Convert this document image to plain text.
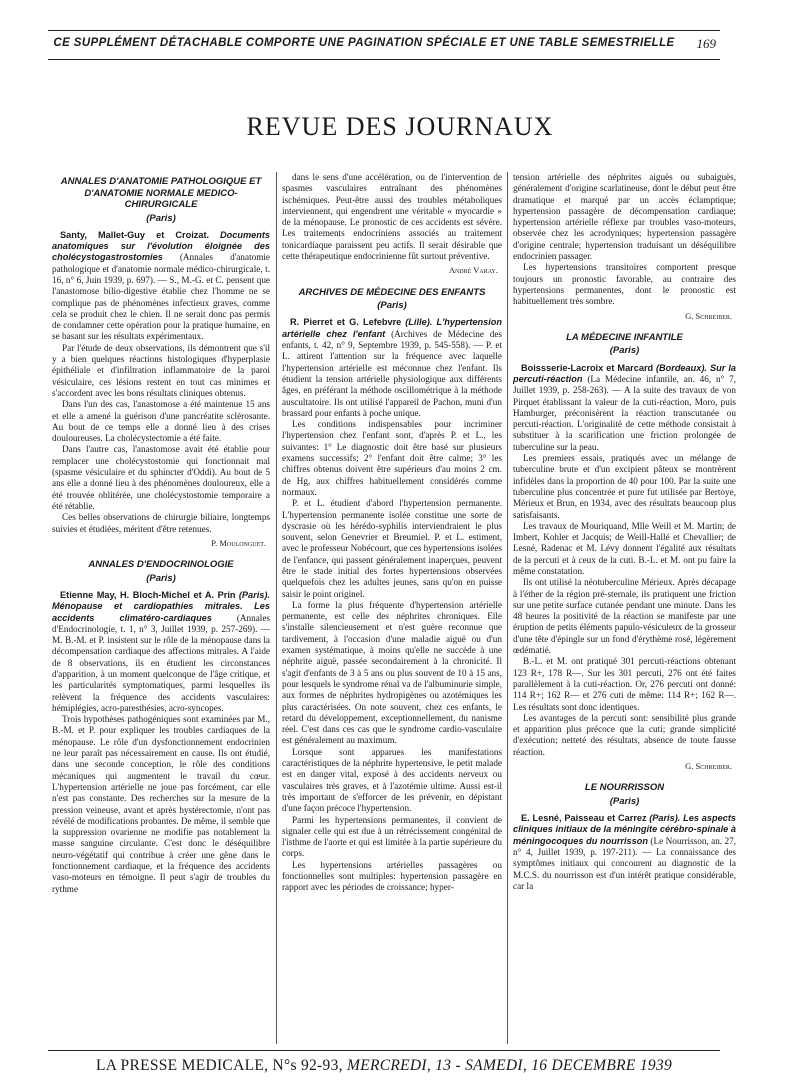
CE SUPPLÉMENT DÉTACHABLE COMPORTE UNE PAGINATION SPÉCIALE ET UNE TABLE SEMESTRIELLE	169
REVUE DES JOURNAUX
ANNALES D'ANATOMIE PATHOLOGIQUE ET D'ANATOMIE NORMALE MEDICO-CHIRURGICALE
(Paris)

Santy, Mallet-Guy et Croizat. Documents anatomiques sur l'évolution éloignée des cholécystogastrostomies (Annales d'anatomie pathologique et d'anatomie normale médico-chirurgicale, t. 16, n° 6, Juin 1939, p. 697). — S., M.-G. et C. pensent que l'anastomose bilio-digestive établie chez l'homme ne se complique pas de phénomènes infectieux graves, comme cela se produit chez le chien. Il ne serait donc pas permis de condamner cette opération pour la pratique humaine, en se basant sur les résultats expérimentaux.

Par l'étude de deux observations, ils démontrent que s'il y a bien quelques réactions histologiques d'hyperplasie épithéliale et d'infiltration inflammatoire de la paroi vésiculaire, ces lésions restent en tout cas minimes et s'accordent avec les bons résultats cliniques obtenus.

Dans l'un des cas, l'anastomose a été maintenue 15 ans et elle a amené la guérison d'une pancréatite sclérosante. Au bout de ce temps elle a donné lieu à des crises douloureuses. La cholécystectomie a été faite.

Dans l'autre cas, l'anastomose avait été établie pour remplacer une cholécystostomie qui fonctionnait mal (spasme vésiculaire et du sphincter d'Oddi). Au bout de 5 ans elle a donné lieu à des phénomènes douloureux, elle a été trouvée oblitérée, une cholécystostomie temporaire a été rétablie.

Ces belles observations de chirurgie biliaire, longtemps suivies et étudiées, méritent d'être retenues.

P. Moulonguet.
ANNALES D'ENDOCRINOLOGIE
(Paris)

Etienne May, H. Bloch-Michel et A. Prin (Paris). Ménopause et cardiopathies mitrales. Les accidents climatéro-cardiaques	(Annales d'Endocrinologie, t. 1, n° 3, Juillet 1939, p. 257-269). — M. B.-M. et P. insistent sur le rôle de la ménopause dans la décompensation cardiaque des affections mitrales. A l'aide de 8 observations, ils en étudient les circonstances d'apparition, à un moment quelconque de l'âge critique, et les particularités symptomatiques, parmi lesquelles ils relèvent la fréquence des accidents vasculaires: hémiplégies, acro-paresthésies, acro-syncopes.

Trois hypothèses pathogéniques sont examinées par M., B.-M. et P. pour expliquer les troubles cardiaques de la ménopause. Le rôle d'un dysfonctionnement endocrinien ne leur paraît pas nécessairement en cause. Ils ont étudié, dans une seconde conception, le rôle des conditions mécaniques qui augmentent le travail du cœur. L'hypertension artérielle ne joue pas forcément, car elle n'est pas constante. Des recherches sur la mesure de la pression veineuse, avant et après hystérectomie, n'ont pas révélé de modifications probantes. De même, il semble que la suppression ovarienne ne modifie pas notablement la masse sanguine circulante. C'est donc le déséquilibre neuro-végétatif qui contribue à créer une gêne dans le fonctionnement cardiaque, et la fréquence des accidents vaso-moteurs en témoigne. Il peut s'agir de troubles du rythme

dans le sens d'une accélération, ou de l'intervention de spasmes vasculaires entraînant des phénomènes ischémiques. Peut-être aussi des troubles métaboliques interviennent, qui engendrent une véritable « myocardie » de la ménopause. Le pronostic de ces accidents est sévère. Les traitements endocriniens associés au traitement tonicardiaque paraissent peu actifs. Il serait désirable que cette thérapeutique endocrinienne fût surtout préventive.

André Varay.
ARCHIVES DE MÉDECINE DES ENFANTS
(Paris)

R. Pierret et G. Lefebvre (Lille). L'hypertension artérielle chez l'enfant (Archives de Médecine des enfants, t. 42, n° 9, Septembre 1939, p. 545-558). — P. et L. attirent l'attention sur la fréquence avec laquelle l'hypertension artérielle est méconnue chez l'enfant. Ils étudient la tension artérielle physiologique aux différents âges, en préférant la méthode oscillométrique à la méthode auscultatoire. Ils ont utilisé l'appareil de Pachon, muni d'un brassard pour enfants à poche unique.

Les conditions indispensables pour incriminer l'hypertension chez l'enfant sont, d'après P. et L., les suivantes: 1° Le diagnostic doit être basé sur plusieurs examens successifs; 2° l'enfant doit être calme; 3° les chiffres obtenus doivent être supérieurs d'au moins 2 cm. de Hg, aux chiffres habituellement considérés comme normaux.

P. et L. étudient d'abord l'hypertension permanente. L'hypertension permanente isolée constitue une sorte de dyscrasie où les hérédo-syphilis interviendraient le plus souvent, selon Genevrier et Breumiel. P. et L. estiment, avec le professeur Nobécourt, que ces hypertensions isolées de l'enfance, qui passent généralement inaperçues, peuvent être le stade initial des fortes hypertensions observées quelquefois chez les adultes jeunes, sans qu'on en puisse saisir le point originel.

La forme la plus fréquente d'hypertension artérielle permanente, est celle des néphrites chroniques. Elle s'installe silencieusement et n'est guère reconnue que tardivement, à l'occasion d'une maladie aiguë ou d'un examen systématique, à moins qu'elle ne succède à une néphrite aiguë, passée secondairement à la chronicité. Il s'agit d'enfants de 3 à 5 ans ou plus souvent de 10 à 15 ans, pour lesquels le syndrome rénal va de l'albuminurie simple, aux formes de néphrites hydropigènes ou azotémiques les plus caractérisées. On note souvent, chez ces enfants, le retard du développement, exceptionnellement, du nanisme réel. C'est dans ces cas que le syndrome cardio-vasculaire est généralement au maximum.

Lorsque sont apparues les manifestations caractéristiques de la néphrite hypertensive, le petit malade est en danger vital, exposé à des accidents nerveux ou vasculaires très graves, et à l'azotémie ultime. Aussi est-il très important de s'efforcer de les prévenir, en dépistant d'une façon précoce l'hypertension.

Parmi les hypertensions permanentes, il convient de signaler celle qui est due à un rétrécissement congénital de l'isthme de l'aorte et qui est limitée à la partie supérieure du corps.

Les hypertensions artérielles passagères ou fonctionnelles sont multiples: hypertension passagère en rapport avec les périodes de croissance; hyper-

tension artérielle des néphrites aiguës ou subaiguës, généralement d'origine scarlatineuse, dont le début peut être dramatique et marqué par un accès éclamptique; hypertension passagère de décompensation cardiaque; hypertension artérielle réflexe par troubles vaso-moteurs, observée chez les acrodyniques; hypertension passagère d'origine centrale; hypertension traduisant un déséquilibre endocrinien passager.

Les hypertensions transitoires comportent presque toujours un pronostic favorable, au contraire des hypertensions permanentes, dont le pronostic est habituellement très sombre.

G. Schreiber.
LA MÉDECINE INFANTILE
(Paris)

Boissserie-Lacroix et Marcard (Bordeaux). Sur la percuti-réaction (La Médecine infantile, an. 46, n° 7, Juillet 1939, p. 258-263). — A la suite des travaux de von Pirquet établissant la valeur de la cuti-réaction, Moro, puis Hamburger, préconisèrent la réaction transcutanée ou percuti-réaction. L'originalité de cette méthode consistait à substituer à la scarification une friction prolongée de tuberculine sur la peau.

Les premiers essais, pratiqués avec un mélange de tuberculine brute et d'un excipient pâteux se montrèrent infidèles dans la proportion de 40 pour 100. Par la suite une tuberculine plus concentrée et pure fut utilisée par Bertoye, Mérieux et Brun, en 1934, avec des résultats beaucoup plus satisfaisants.

Les travaux de Mouriquand, Mlle Weill et M. Martin; de Imbert, Kohler et Jacquis; de Weill-Hallé et Chevallier; de Lesné, Radenac et M. Lévy donnent l'égalité aux résultats de la percuti et à ceux de la cuti. B.-L. et M. ont pu faire la même constatation.

Ils ont utilisé la néotuberculine Mérieux. Après décapage à l'éther de la région pré-sternale, ils pratiquent une friction sur une petite surface cutanée pendant une minute. Dans les 48 heures la positivité de la réaction se manifeste par une éruption de petits éléments papulo-vésiculeux de la grosseur d'une tête d'épingle sur un fond d'érythème rosé, légèrement œdématié.

B.-L. et M. ont pratiqué 301 percuti-réactions obtenant 123 R+, 178 R—. Sur les 301 percuti, 276 ont été faites parallèlement à la cuti-réaction. Or, 276 percuti ont donné: 114 R+; 162 R— et 276 cuti de même: 114 R+; 162 R—. Les résultats sont donc identiques.

Les avantages de la percuti sont: sensibilité plus grande et apparition plus précoce que la cuti; grande simplicité d'exécution; netteté des résultats, absence de toute fausse réaction.

G. Schreiber.
LE NOURRISSON
(Paris)

E. Lesné, Paisseau et Carrez (Paris). Les aspects cliniques initiaux de la méningite cérébro-spinale à méningocoques du nourrisson (Le Nourrisson, an. 27, n° 4, Juillet 1939, p. 197-211). — La connaissance des symptômes initiaux qui concourent au diagnostic de la M.C.S. du nourrisson est d'un intérêt pratique considérable, car la

LA PRESSE MEDICALE, N°s 92-93, MERCREDI, 13 - SAMEDI, 16 DECEMBRE 1939
